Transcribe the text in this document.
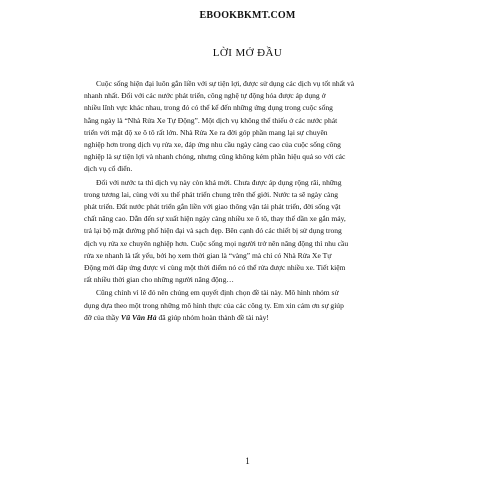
EBOOKBKMT.COM
LỜI MỞ ĐẦU
Cuộc sống hiện đại luôn gắn liền với sự tiện lợi, được sử dụng các dịch vụ tốt nhất và
nhanh nhất. Đối với các nước phát triển, công nghệ tự động hóa được áp dụng ở
nhiều lĩnh vực khác nhau, trong đó có thể kể đến những ứng dụng trong cuộc sống
hằng ngày là “Nhà Rửa Xe Tự Động”. Một dịch vụ không thể thiếu ở các nước phát
triển với mật độ xe ô tô rất lớn. Nhà Rửa Xe ra đời góp phần mang lại sự chuyên
nghiệp hơn trong dịch vụ rửa xe, đáp ứng nhu cầu ngày càng cao của cuộc sống công
nghiệp là sự tiện lợi và nhanh chóng, nhưng cũng không kém phần hiệu quả so với các
dịch vụ cổ điển.
Đối với nước ta thì dịch vụ này còn khá mới. Chưa được áp dụng rộng rãi, những
trong tương lai, cùng với xu thế phát triển chung trên thế giới. Nước ta sẽ ngày càng
phát triển. Đất nước phát triển gắn liền với giao thông vận tải phát triển, đời sống vật
chất nâng cao. Dẫn đến sự xuất hiện ngày càng nhiều xe ô tô, thay thế dần xe gắn máy,
trả lại bộ mặt đường phố hiện đại và sạch đẹp. Bên cạnh đó các thiết bị sử dụng trong
dịch vụ rửa xe chuyên nghiệp hơn. Cuộc sống mọi người trở nên năng động thì nhu cầu
rửa xe nhanh là tất yếu, bởi họ xem thời gian là “vàng” mà chỉ có Nhà Rửa Xe Tự
Động mới đáp ứng được vì cùng một thời điểm nó có thể rửa được nhiều xe. Tiết kiệm
rất nhiều thời gian cho những người năng động…
Cũng chính vì lẽ đó nên chúng em quyết định chọn đề tài này. Mô hình nhóm sử
dụng dựa theo một trong những mô hình thực của các công ty. Em xin cám ơn sự giúp
đỡ của thầy Vũ Văn Hà đã giúp nhóm hoàn thành đề tài này!
1
